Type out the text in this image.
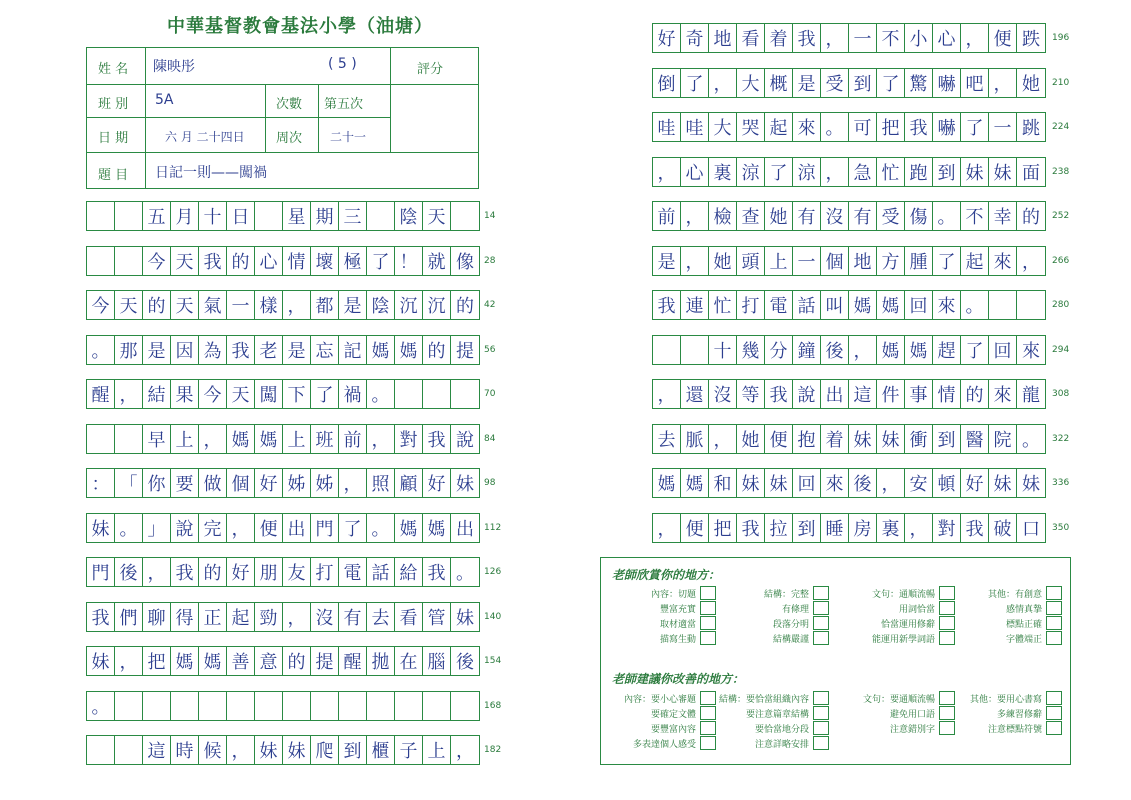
中華基督教會基法小學（油塘）
姓 名 陳映彤	( 5 )	評分
班 別 5A	次數 第五次
日 期	六 月 二十四日 周次 二十一
題 目 日記一則——闖禍
五 月 十 日	星 期 三	陰 天	14
今 天 我 的 心 情 壞 極 了 ！ 就 像	28
今 天 的 天 氣 一 樣 ， 都 是 陰 沉 沉 的	42
。 那 是 因 為 我 老 是 忘 記 媽 媽 的 提	56
醒 ， 結 果 今 天 闖 下 了 禍 。	70
早 上 ， 媽 媽 上 班 前 ， 對 我 說	84
： 「 你 要 做 個 好 姊 姊 ， 照 顧 好 妹	98
妹 。 」 說 完 ， 便 出 門 了 。 媽 媽 出	112
門 後 ， 我 的 好 朋 友 打 電 話 給 我 。	126
我 們 聊 得 正 起 勁 ， 沒 有 去 看 管 妹	140
妹 ， 把 媽 媽 善 意 的 提 醒 拋 在 腦 後	154
。	168
這 時 候 ， 妹 妹 爬 到 櫃 子 上 ，	182
好 奇 地 看 着 我 ， 一 不 小 心 ， 便 跌	196
倒 了 ， 大 概 是 受 到 了 驚 嚇 吧 ， 她	210
哇 哇 大 哭 起 來 。 可 把 我 嚇 了 一 跳	224
， 心 裏 涼 了 涼 ， 急 忙 跑 到 妹 妹 面	238
前 ， 檢 查 她 有 沒 有 受 傷 。 不 幸 的	252
是 ， 她 頭 上 一 個 地 方 腫 了 起 來 ，	266
我 連 忙 打 電 話 叫 媽 媽 回 來 。	280
十 幾 分 鐘 後 ， 媽 媽 趕 了 回 來	294
， 還 沒 等 我 說 出 這 件 事 情 的 來 龍	308
去 脈 ， 她 便 抱 着 妹 妹 衝 到 醫 院 。	322
媽 媽 和 妹 妹 回 來 後 ， 安 頓 好 妹 妹	336
， 便 把 我 拉 到 睡 房 裏 ， 對 我 破 口	350
老師欣賞你的地方：
內容：切題
豐富充實
取材適當
描寫生動
結構：完整
有條理
段落分明
結構嚴謹
文句：通順流暢
用詞恰當
恰當運用修辭
能運用新學詞語
其他：有創意
感情真摯
標點正確
字體端正
老師建議你改善的地方：
內容：要小心審題
要確定文體
要豐富內容
多表達個人感受
結構：要恰當組織內容
要注意篇章結構
要恰當地分段
注意詳略安排
文句：要通順流暢
避免用口語
注意錯別字
其他：要用心書寫
多練習修辭
注意標點符號
